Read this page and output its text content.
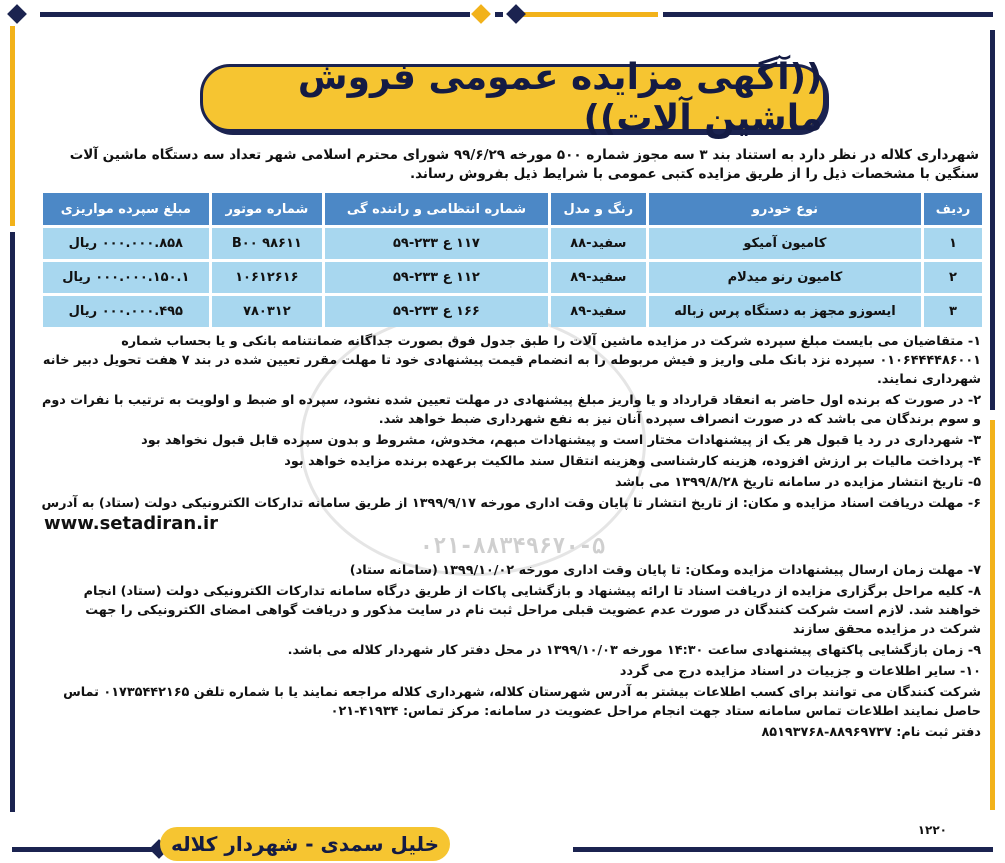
((آگهی مزایده عمومی فروش ماشین آلات))
شهرداری کلاله در نظر دارد به استناد بند ۳ سه مجوز شماره ۵۰۰ مورخه ۹۹/۶/۲۹ شورای محترم اسلامی شهر تعداد سه دستگاه ماشین آلات سنگین با مشخصات ذیل را از طریق مزایده کتبی عمومی با شرایط ذیل بفروش رساند.
ردیف	نوع خودرو	رنگ و مدل	شماره انتظامی و راننده گی	شماره موتور	مبلغ سپرده مواریزی
۱	کامیون آمیکو	سفید-۸۸	۱۱۷ ع ۲۳۳-۵۹	۹۸۶۱۱ B۰۰	۰۰۰.۰۰۰.۸۵۸ ریال
۲	کامیون رنو میدلام	سفید-۸۹	۱۱۲ ع ۲۳۳-۵۹	۱۰۶۱۲۶۱۶	۰۰۰.۰۰۰.۱۵۰.۱ ریال
۳	ایسوزو مجهز به دستگاه پرس زباله	سفید-۸۹	۱۶۶ ع ۲۳۳-۵۹	۷۸۰۳۱۲	۰۰۰.۰۰۰.۴۹۵ ریال
۱- متقاضیان می بایست مبلغ سپرده شرکت در مزایده ماشین آلات را طبق جدول فوق بصورت جداگانه ضمانتنامه بانکی و یا بحساب شماره ۰۱۰۶۴۴۴۴۸۶۰۰۱ سپرده نزد بانک ملی واریز و فیش مربوطه را به انضمام قیمت پیشنهادی خود تا مهلت مقرر تعیین شده در بند ۷ هفت تحویل دبیر خانه شهرداری نمایند.
۲- در صورت که برنده اول حاضر به انعقاد قرارداد و یا واریز مبلغ پیشنهادی در مهلت تعیین شده نشود، سپرده او ضبط و اولویت به ترتیب با نفرات دوم و سوم برندگان می باشد که در صورت انصراف سپرده آنان نیز به نفع شهرداری ضبط خواهد شد.
۳- شهرداری در رد یا قبول هر یک از پیشنهادات مختار است و پیشنهادات مبهم، مخدوش، مشروط و بدون سپرده قابل قبول نخواهد بود
۴- پرداخت مالیات بر ارزش افزوده، هزینه کارشناسی وهزینه انتقال سند مالکیت برعهده برنده مزایده خواهد بود
۵- تاریخ انتشار مزایده در سامانه تاریخ ۱۳۹۹/۸/۲۸ می باشد
۶- مهلت دریافت اسناد مزایده و مکان: از تاریخ انتشار تا پایان وقت اداری مورخه ۱۳۹۹/۹/۱۷ از طریق سامانه تدارکات الکترونیکی دولت (ستاد) به آدرس
www.setadiran.ir
۰۲۱-۸۸۳۴۹۶۷۰-۵
۷- مهلت زمان ارسال پیشنهادات مزایده ومکان: تا پایان وقت اداری مورخه ۱۳۹۹/۱۰/۰۲ (سامانه ستاد)
۸- کلیه مراحل برگزاری مزایده از دریافت اسناد تا ارائه پیشنهاد و بازگشایی پاکات از طریق درگاه سامانه تدارکات الکترونیکی دولت (ستاد) انجام خواهند شد. لازم است شرکت کنندگان در صورت عدم عضویت قبلی مراحل ثبت نام در سایت مذکور و دریافت گواهی امضای الکترونیکی را جهت شرکت در مزایده محقق سازند
۹- زمان بازگشایی پاکتهای پیشنهادی ساعت ۱۴:۳۰ مورخه ۱۳۹۹/۱۰/۰۳ در محل دفتر کار شهردار کلاله می باشد.
۱۰- سایر اطلاعات و جزییات در اسناد مزایده درج می گردد
شرکت کنندگان می توانند برای کسب اطلاعات بیشتر به آدرس شهرستان کلاله، شهرداری کلاله مراجعه نمایند یا با شماره تلفن ۰۱۷۳۵۴۴۲۱۶۵ تماس حاصل نمایند اطلاعات تماس سامانه ستاد جهت انجام مراحل عضویت در سامانه: مرکز تماس: ۴۱۹۳۴-۰۲۱
دفتر ثبت نام: ۸۸۹۶۹۷۳۷-۸۵۱۹۳۷۶۸
۱۲۲۰
خلیل سمدی - شهردار کلاله
